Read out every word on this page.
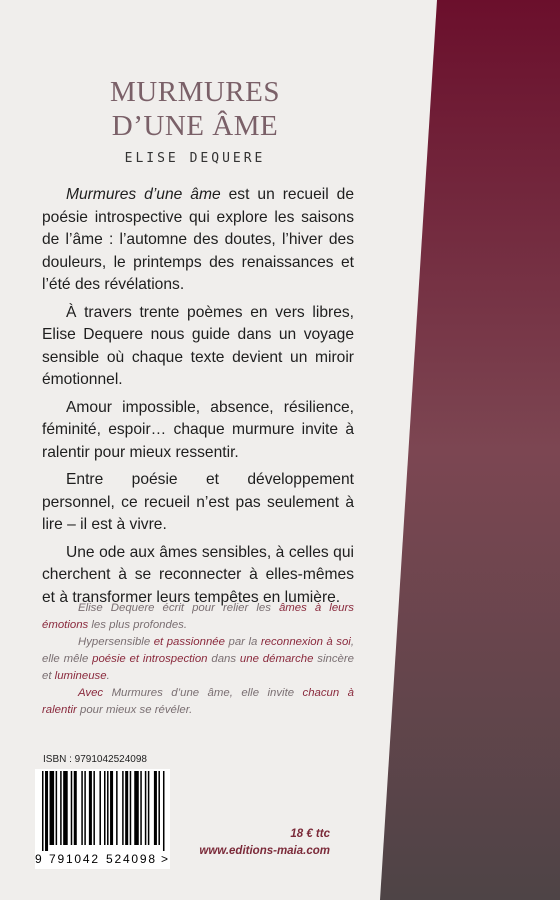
MURMURES
D’UNE ÂME
ELISE DEQUERE

Murmures d’une âme est un recueil de poésie introspective qui explore les saisons de l’âme : l’automne des doutes, l’hiver des douleurs, le printemps des renaissances et l’été des révélations.

À travers trente poèmes en vers libres, Elise Dequere nous guide dans un voyage sensible où chaque texte devient un miroir émotionnel.

Amour impossible, absence, résilience, féminité, espoir… chaque murmure invite à ralentir pour mieux ressentir.

Entre poésie et développement personnel, ce recueil n’est pas seulement à lire – il est à vivre.

Une ode aux âmes sensibles, à celles qui cherchent à se reconnecter à elles-mêmes et à transformer leurs tempêtes en lumière.

Elise Dequere écrit pour relier les âmes à leurs émotions les plus profondes.

Hypersensible et passionnée par la reconnexion à soi, elle mêle poésie et introspection dans une démarche sincère et lumineuse.

Avec Murmures d’une âme, elle invite chacun à ralentir pour mieux se révéler.

ISBN : 9791042524098
9 791042 524098 >
18 € ttc
www.editions-maia.com
